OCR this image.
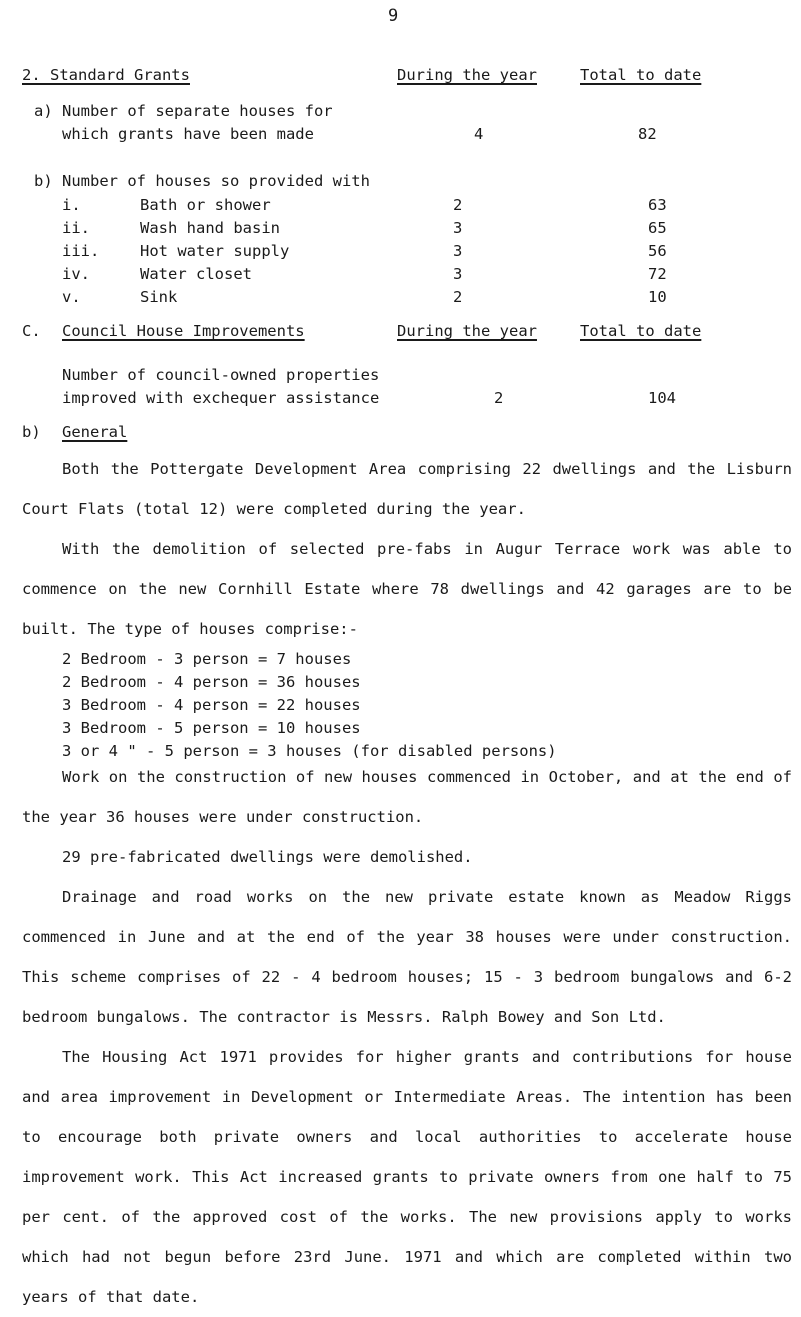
9
2. Standard Grants	During the year	Total to date
a) Number of separate houses for
which grants have been made	4	82
b) Number of houses so provided with
i.	Bath or shower	2	63
ii.	Wash hand basin	3	65
iii.	Hot water supply	3	56
iv.	Water closet	3	72
v.	Sink	2	10
C. Council House Improvements	During the year	Total to date
Number of council-owned properties
improved with exchequer assistance	2	104
b) General
Both the Pottergate Development Area comprising 22 dwellings and the Lisburn Court Flats (total 12) were completed during the year.
With the demolition of selected pre-fabs in Augur Terrace work was able to commence on the new Cornhill Estate where 78 dwellings and 42 garages are to be built. The type of houses comprise:-
2 Bedroom - 3 person = 7 houses
2 Bedroom - 4 person = 36 houses
3 Bedroom - 4 person = 22 houses
3 Bedroom - 5 person = 10 houses
3 or 4 " - 5 person = 3 houses (for disabled persons)
Work on the construction of new houses commenced in October, and at the end of the year 36 houses were under construction.
29 pre-fabricated dwellings were demolished.
Drainage and road works on the new private estate known as Meadow Riggs commenced in June and at the end of the year 38 houses were under construction. This scheme comprises of 22 - 4 bedroom houses; 15 - 3 bedroom bungalows and 6-2 bedroom bungalows. The contractor is Messrs. Ralph Bowey and Son Ltd.
The Housing Act 1971 provides for higher grants and contributions for house and area improvement in Development or Intermediate Areas. The intention has been to encourage both private owners and local authorities to accelerate house improvement work. This Act increased grants to private owners from one half to 75 per cent. of the approved cost of the works. The new provisions apply to works which had not begun before 23rd June. 1971 and which are completed within two years of that date.
